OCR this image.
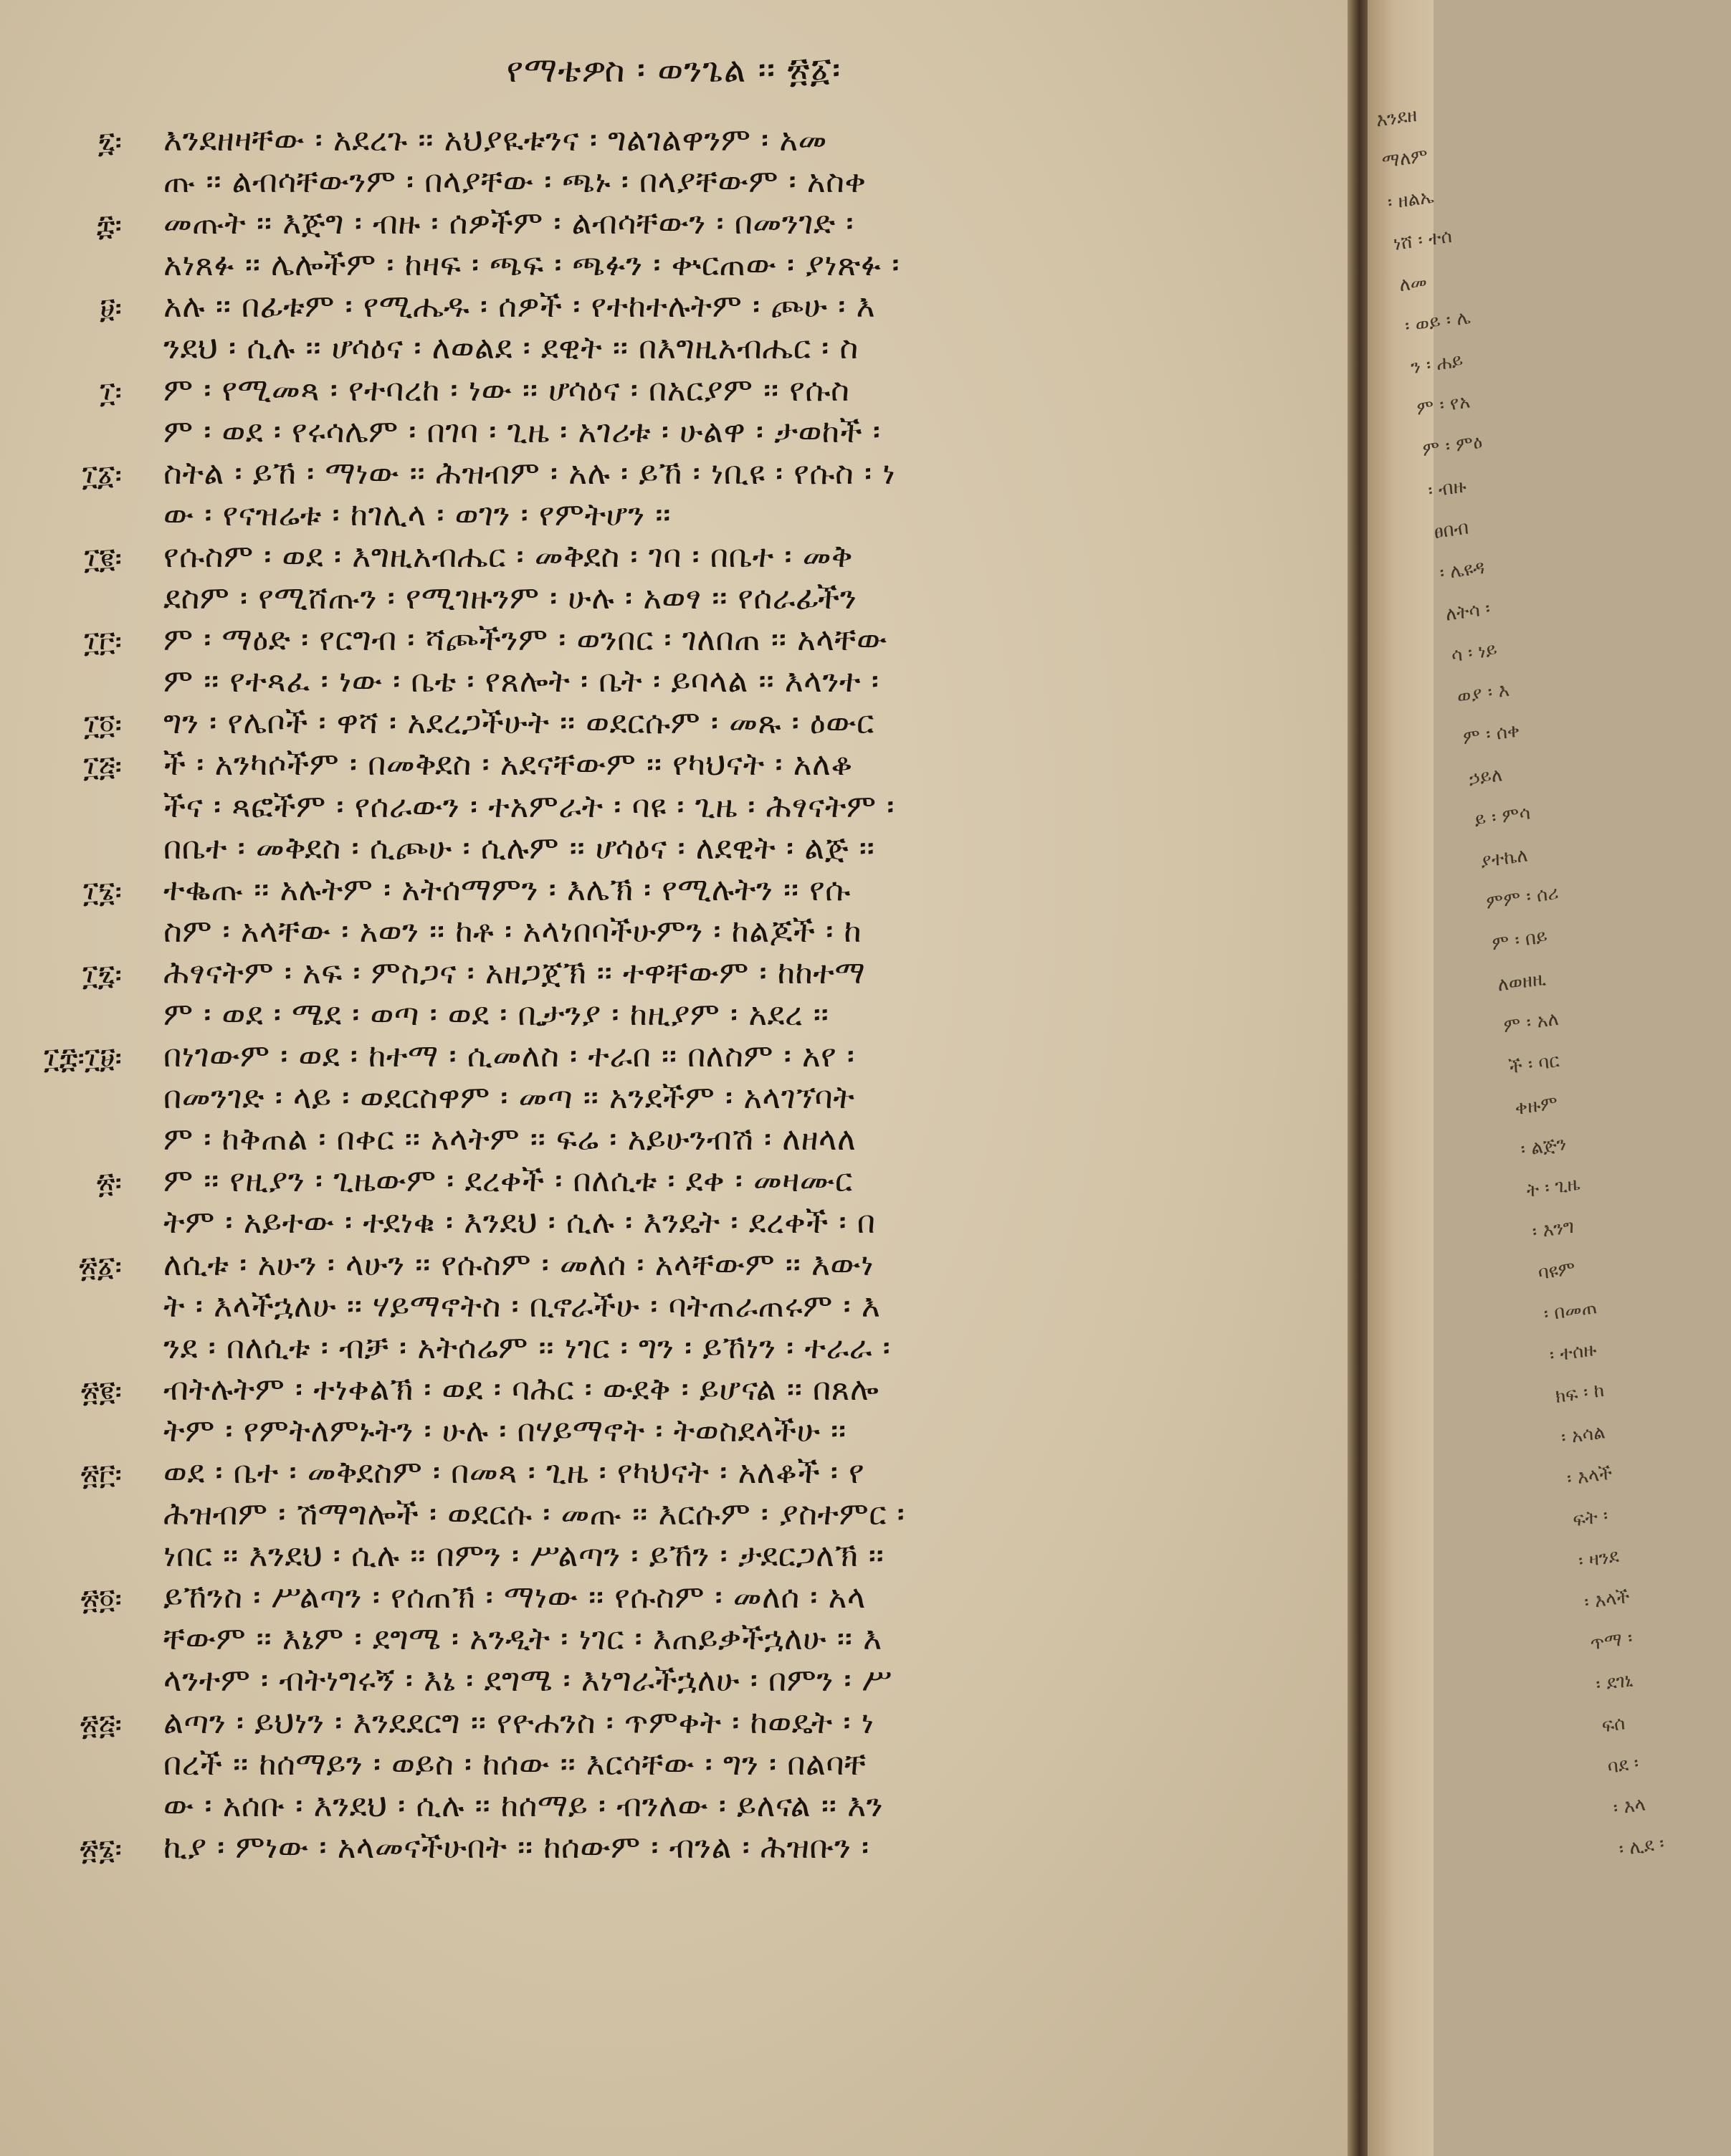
የማቴዎስ ፡ ወንጌል ፡፡ ፳፩፡
፯፡ እንደዘዛቸው ፡ አደረጉ ፡፡ አህያዪቱንና ፡ ግልገልዋንም ፡ አመ
ጡ ፡፡ ልብሳቸውንም ፡ በላያቸው ፡ ጫኑ ፡ በላያቸውም ፡ አስቀ
፰፡ መጡት ፡፡ እጅግ ፡ ብዙ ፡ ሰዎችም ፡ ልብሳቸውን ፡ በመንገድ ፡
አነጸፉ ፡፡ ሌሎችም ፡ ከዛፍ ፡ ጫፍ ፡ ጫፉን ፡ ቍርጠው ፡ ያነጽፉ ፡
፱፡ አሉ ፡፡ በፊቱም ፡ የሚሔዱ ፡ ሰዎች ፡ የተከተሉትም ፡ ጮሁ ፡ እ
ንደህ ፡ ሲሉ ፡፡ ሆሳዕና ፡ ለወልደ ፡ ደዊት ፡፡ በእግዚአብሔር ፡ ስ
፲፡ ም ፡ የሚመጻ ፡ የተባረከ ፡ ነው ፡፡ ሆሳዕና ፡ በአርያም ፡፡ የሱስ
ም ፡ ወደ ፡ የሩሳሌም ፡ በገባ ፡ ጊዜ ፡ አገሪቱ ፡ ሁልዋ ፡ ታወከች ፡
፲፩፡ ስትል ፡ ይኸ ፡ ማነው ፡፡ ሕዝብም ፡ አሉ ፡ ይኸ ፡ ነቢዩ ፡ የሱስ ፡ ነ
ው ፡ የናዝሬቱ ፡ ከገሊላ ፡ ወገን ፡ የምትሆን ፡፡
፲፪፡ የሱስም ፡ ወደ ፡ እግዚአብሔር ፡ መቅደስ ፡ ገባ ፡ በቤተ ፡ መቅ
ደስም ፡ የሚሸጡን ፡ የሚገዙንም ፡ ሁሉ ፡ አወፃ ፡፡ የሰራፊችን
፲፫፡ ም ፡ ማዕድ ፡ የርግብ ፡ ሻጮችንም ፡ ወንበር ፡ ገለበጠ ፡፡ አላቸው
ም ፡፡ የተጻፈ ፡ ነው ፡ ቤቴ ፡ የጸሎት ፡ ቤት ፡ ይባላል ፡፡ እላንተ ፡
፲፬፡ ግን ፡ የሌቦች ፡ ዋሻ ፡ አደረጋችሁት ፡፡ ወደርሱም ፡ መጹ ፡ ዕውር
፲፭፡ ች ፡ አንካሶችም ፡ በመቅደስ ፡ አደናቸውም ፡፡ የካህናት ፡ አለቆ
ችና ፡ ጻፎችም ፡ የሰራውን ፡ ተአምራት ፡ ባዩ ፡ ጊዜ ፡ ሕፃናትም ፡
በቤተ ፡ መቅደስ ፡ ሲጮሁ ፡ ሲሉም ፡፡ ሆሳዕና ፡ ለደዊት ፡ ልጅ ፡፡
፲፮፡ ተቈጡ ፡፡ አሉትም ፡ አትሰማምን ፡ እሌኽ ፡ የሚሉትን ፡፡ የሱ
ስም ፡ አላቸው ፡ አወን ፡፡ ከቶ ፡ አላነበባችሁምን ፡ ከልጆች ፡ ከ
፲፯፡ ሕፃናትም ፡ አፍ ፡ ምስጋና ፡ አዘጋጀኽ ፡፡ ተዋቸውም ፡ ከከተማ
ም ፡ ወደ ፡ ሜደ ፡ ወጣ ፡ ወደ ፡ ቢታንያ ፡ ከዚያም ፡ አደረ ፡፡
፲፰፡፲፱፡ በነገውም ፡ ወደ ፡ ከተማ ፡ ሲመለስ ፡ ተራበ ፡፡ በለስም ፡ አየ ፡
በመንገድ ፡ ላይ ፡ ወደርስዋም ፡ መጣ ፡፡ አንደችም ፡ አላገኘባት
ም ፡ ከቅጠል ፡ በቀር ፡፡ አላትም ፡፡ ፍሬ ፡ አይሁንብሽ ፡ ለዘላለ
፳፡ ም ፡፡ የዚያን ፡ ጊዜውም ፡ ደረቀች ፡ በለሲቱ ፡ ደቀ ፡ መዛሙር
ትም ፡ አይተው ፡ ተደነቁ ፡ እንደህ ፡ ሲሉ ፡ እንዴት ፡ ደረቀች ፡ በ
፳፩፡ ለሲቱ ፡ አሁን ፡ ላሁን ፡፡ የሱስም ፡ መለሰ ፡ አላቸውም ፡፡ እውነ
ት ፡ እላችኋለሁ ፡፡ ሃይማኖትስ ፡ ቢኖራችሁ ፡ ባትጠራጠሩም ፡ እ
ንደ ፡ በለሲቱ ፡ ብቻ ፡ አትሰሬም ፡፡ ነገር ፡ ግን ፡ ይኸነን ፡ ተራራ ፡
፳፪፡ ብትሉትም ፡ ተነቀልኽ ፡ ወደ ፡ ባሕር ፡ ውደቅ ፡ ይሆናል ፡፡ በጸሎ
ትም ፡ የምትለምኑትን ፡ ሁሉ ፡ በሃይማኖት ፡ ትወስደላችሁ ፡፡
፳፫፡ ወደ ፡ ቤተ ፡ መቅደስም ፡ በመጻ ፡ ጊዜ ፡ የካህናት ፡ አለቆች ፡ የ
ሕዝብም ፡ ሽማግሎች ፡ ወደርሱ ፡ መጡ ፡፡ እርሱም ፡ ያስተምር ፡
ነበር ፡፡ እንደህ ፡ ሲሉ ፡፡ በምን ፡ ሥልጣን ፡ ይኸን ፡ ታደርጋለኽ ፡፡
፳፬፡ ይኸንስ ፡ ሥልጣን ፡ የሰጠኽ ፡ ማነው ፡፡ የሱስም ፡ መለሰ ፡ አላ
ቸውም ፡፡ እኔም ፡ ደግሜ ፡ አንዲት ፡ ነገር ፡ እጠይቃችኋለሁ ፡፡ እ
ላንተም ፡ ብትነግሩኝ ፡ እኔ ፡ ደግሜ ፡ እነግራችኋለሁ ፡ በምን ፡ ሥ
፳፭፡ ልጣን ፡ ይህነን ፡ እንደደርግ ፡፡ የዮሐንስ ፡ ጥምቀት ፡ ከወዴት ፡ ነ
በረች ፡፡ ከሰማይን ፡ ወይስ ፡ ከሰው ፡፡ እርሳቸው ፡ ግን ፡ በልባቸ
ው ፡ አሰቡ ፡ እንደህ ፡ ሲሉ ፡፡ ከሰማይ ፡ ብንለው ፡ ይለናል ፡፡ እን
፳፮፡ ኪያ ፡ ምነው ፡ አላመናችሁበት ፡፡ ከሰውም ፡ ብንል ፡ ሕዝቡን ፡
እንደዘ
ማለም
፡ ዘልኤ
ነሸ ፡ ተሰ
ለመ
፡ ወይ ፡ ሌ
ን ፡ ሐይ
ም ፡ የአ
ም ፡ ምዕ
፡ ብዙ
ፀበብ
፡ ሌዩዳ
ለትሳ ፡
ሳ ፡ ነይ
ወያ ፡ እ
ም ፡ ሰቀ
ኃይለ
ይ ፡ ምሳ
ያተኬለ
ምም ፡ ሰሪ
ም ፡ በይ
ለወዘዚ
ም ፡ አለ
ች ፡ ባር
ቀዙም
፡ ልጅን
ት ፡ ጊዜ
፡ እንግ
ባዩም
፡ በመጠ
፡ ተሰዙ
ክፍ ፡ ከ
፡ አሳል
፡ እላች
ፍት ፡
፡ ዛንደ
፡ እላች
ጥማ ፡
፡ ደገኒ
ፍሰ
ባደ ፡
፡ እላ
፡ ሊደ ፡
